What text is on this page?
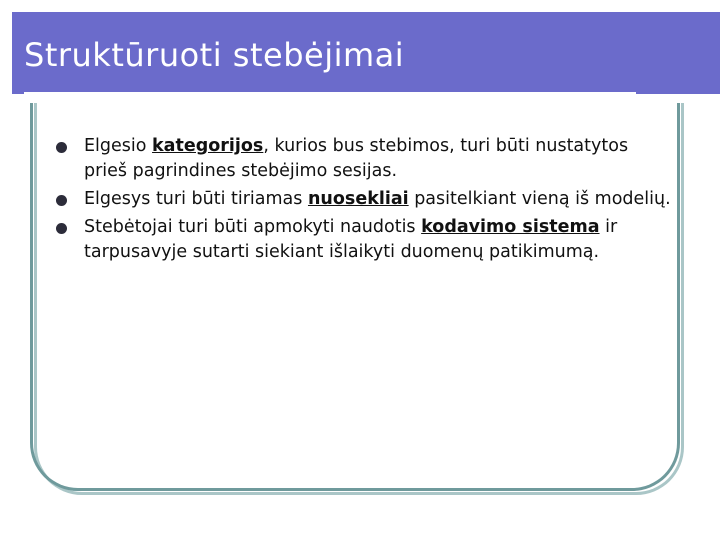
Struktūruoti stebėjimai
Elgesio kategorijos, kurios bus stebimos, turi būti nustatytos prieš pagrindines stebėjimo sesijas.
Elgesys turi būti tiriamas nuosekliai pasitelkiant vieną iš modelių.
Stebėtojai turi būti apmokyti naudotis kodavimo sistema ir tarpusavyje sutarti siekiant išlaikyti duomenų patikimumą.
